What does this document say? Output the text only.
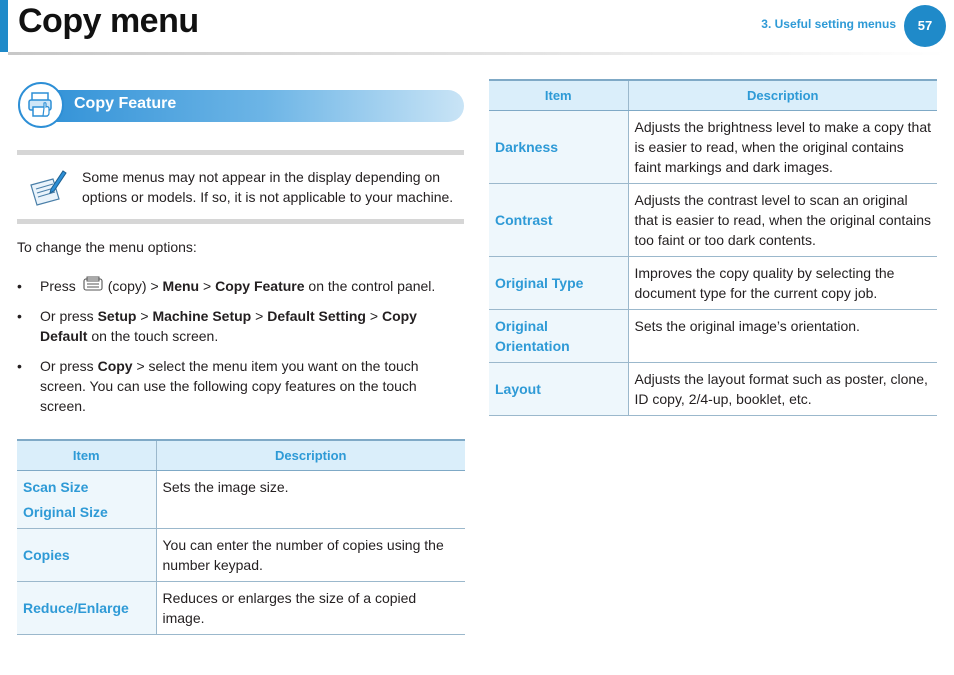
Copy menu	3. Useful setting menus	57
Copy Feature

Some menus may not appear in the display depending on options or models. If so, it is not applicable to your machine.

To change the menu options:

• Press (copy) > Menu > Copy Feature on the control panel.
• Or press Setup > Machine Setup > Default Setting > Copy Default on the touch screen.
• Or press Copy > select the menu item you want on the touch screen. You can use the following copy features on the touch screen.
Item	Description

Scan Size
Original Size	Sets the image size.
Copies	You can enter the number of copies using the number keypad.
Reduce/Enlarge	Reduces or enlarges the size of a copied image.
Item	Description
Darkness	Adjusts the brightness level to make a copy that is easier to read, when the original contains faint markings and dark images.
Contrast	Adjusts the contrast level to scan an original that is easier to read, when the original contains too faint or too dark contents.
Original Type	Improves the copy quality by selecting the document type for the current copy job.

Original Orientation	Sets the original image’s orientation.
Layout	Adjusts the layout format such as poster, clone, ID copy, 2/4-up, booklet, etc.
